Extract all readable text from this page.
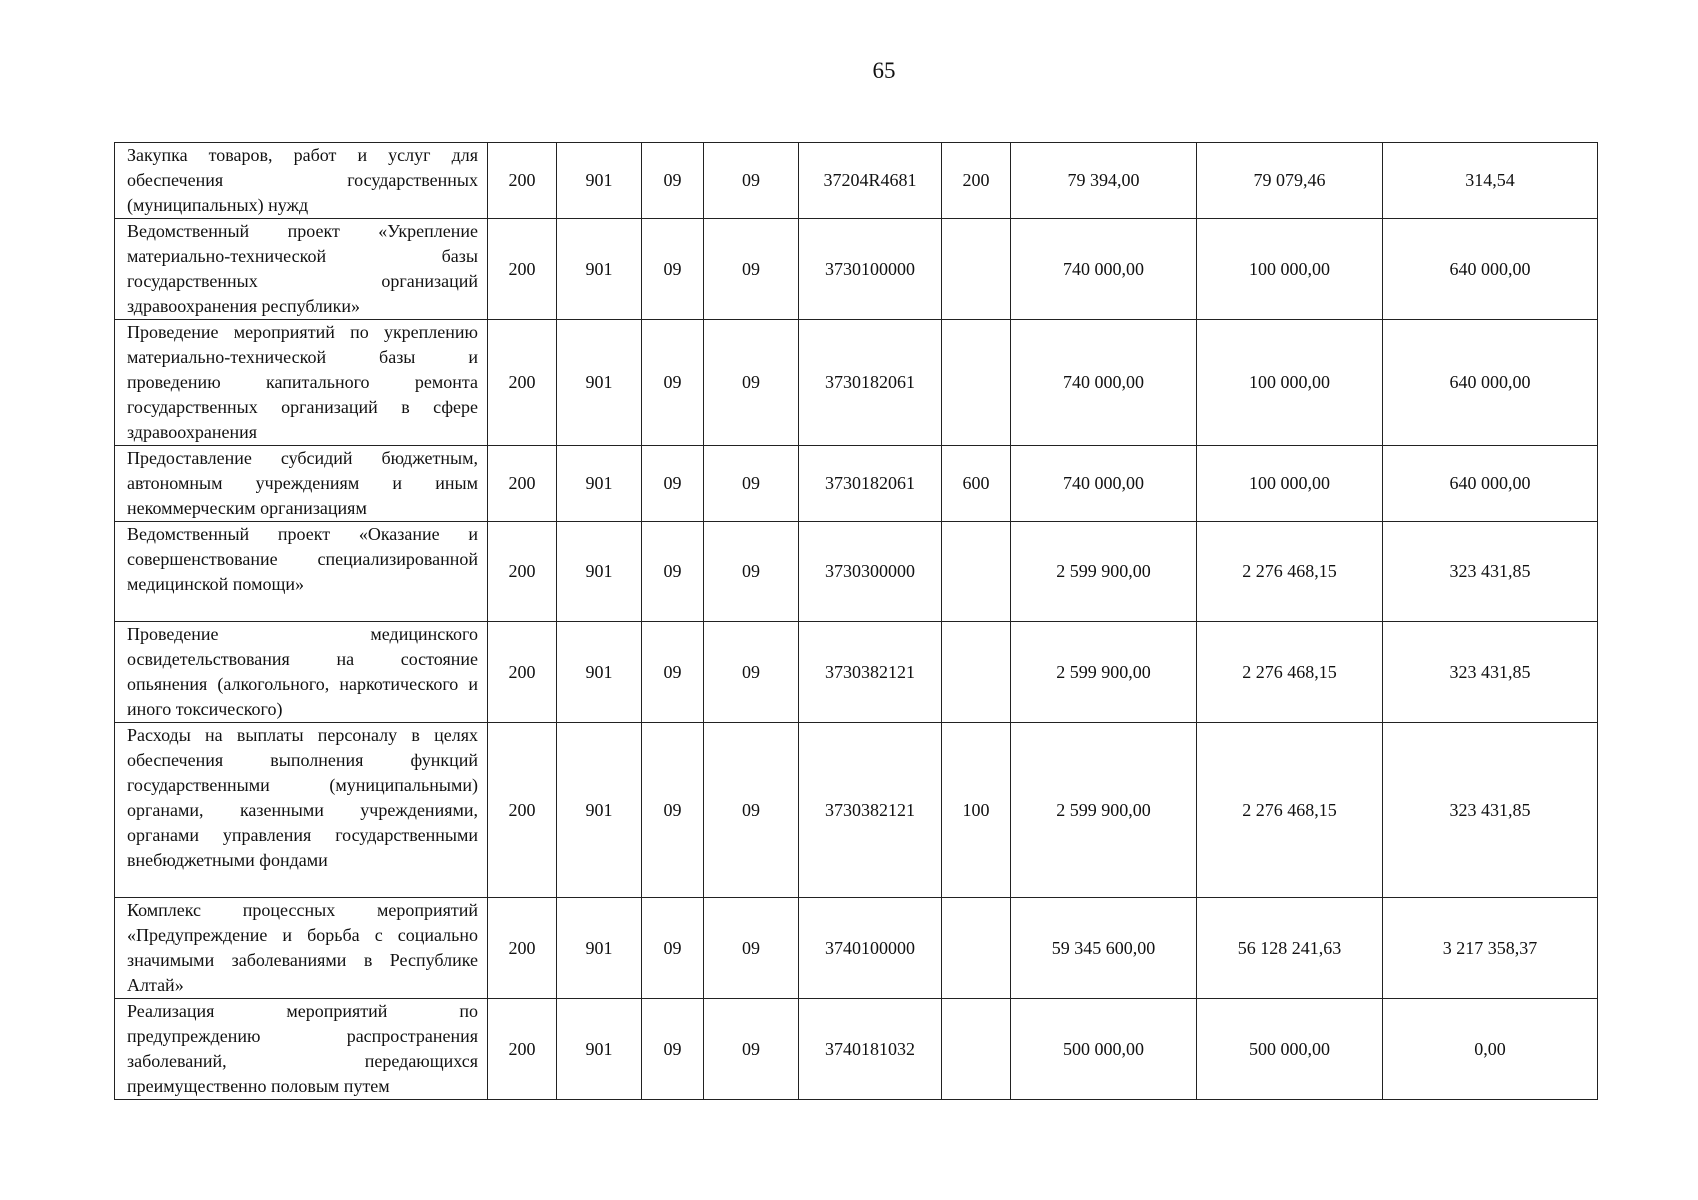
65
Закупка товаров, работ и услуг для обеспечения государственных (муниципальных) нужд	200	901	09	09	37204R4681	200	79 394,00	79 079,46	314,54
Ведомственный проект «Укрепление материально-технической базы государственных организаций здравоохранения республики»	200	901	09	09	3730100000		740 000,00	100 000,00	640 000,00
Проведение мероприятий по укреплению материально-технической базы и проведению капитального ремонта государственных организаций в сфере здравоохранения	200	901	09	09	3730182061		740 000,00	100 000,00	640 000,00
Предоставление субсидий бюджетным, автономным учреждениям и иным некоммерческим организациям	200	901	09	09	3730182061	600	740 000,00	100 000,00	640 000,00
Ведомственный проект «Оказание и совершенствование специализированной медицинской помощи»	200	901	09	09	3730300000		2 599 900,00	2 276 468,15	323 431,85
Проведение медицинского освидетельствования на состояние опьянения (алкогольного, наркотического и иного токсического)	200	901	09	09	3730382121		2 599 900,00	2 276 468,15	323 431,85
Расходы на выплаты персоналу в целях обеспечения выполнения функций государственными (муниципальными) органами, казенными учреждениями, органами управления государственными внебюджетными фондами	200	901	09	09	3730382121	100	2 599 900,00	2 276 468,15	323 431,85
Комплекс процессных мероприятий «Предупреждение и борьба с социально значимыми заболеваниями в Республике Алтай»	200	901	09	09	3740100000		59 345 600,00	56 128 241,63	3 217 358,37
Реализация мероприятий по предупреждению распространения заболеваний, передающихся преимущественно половым путем	200	901	09	09	3740181032		500 000,00	500 000,00	0,00
